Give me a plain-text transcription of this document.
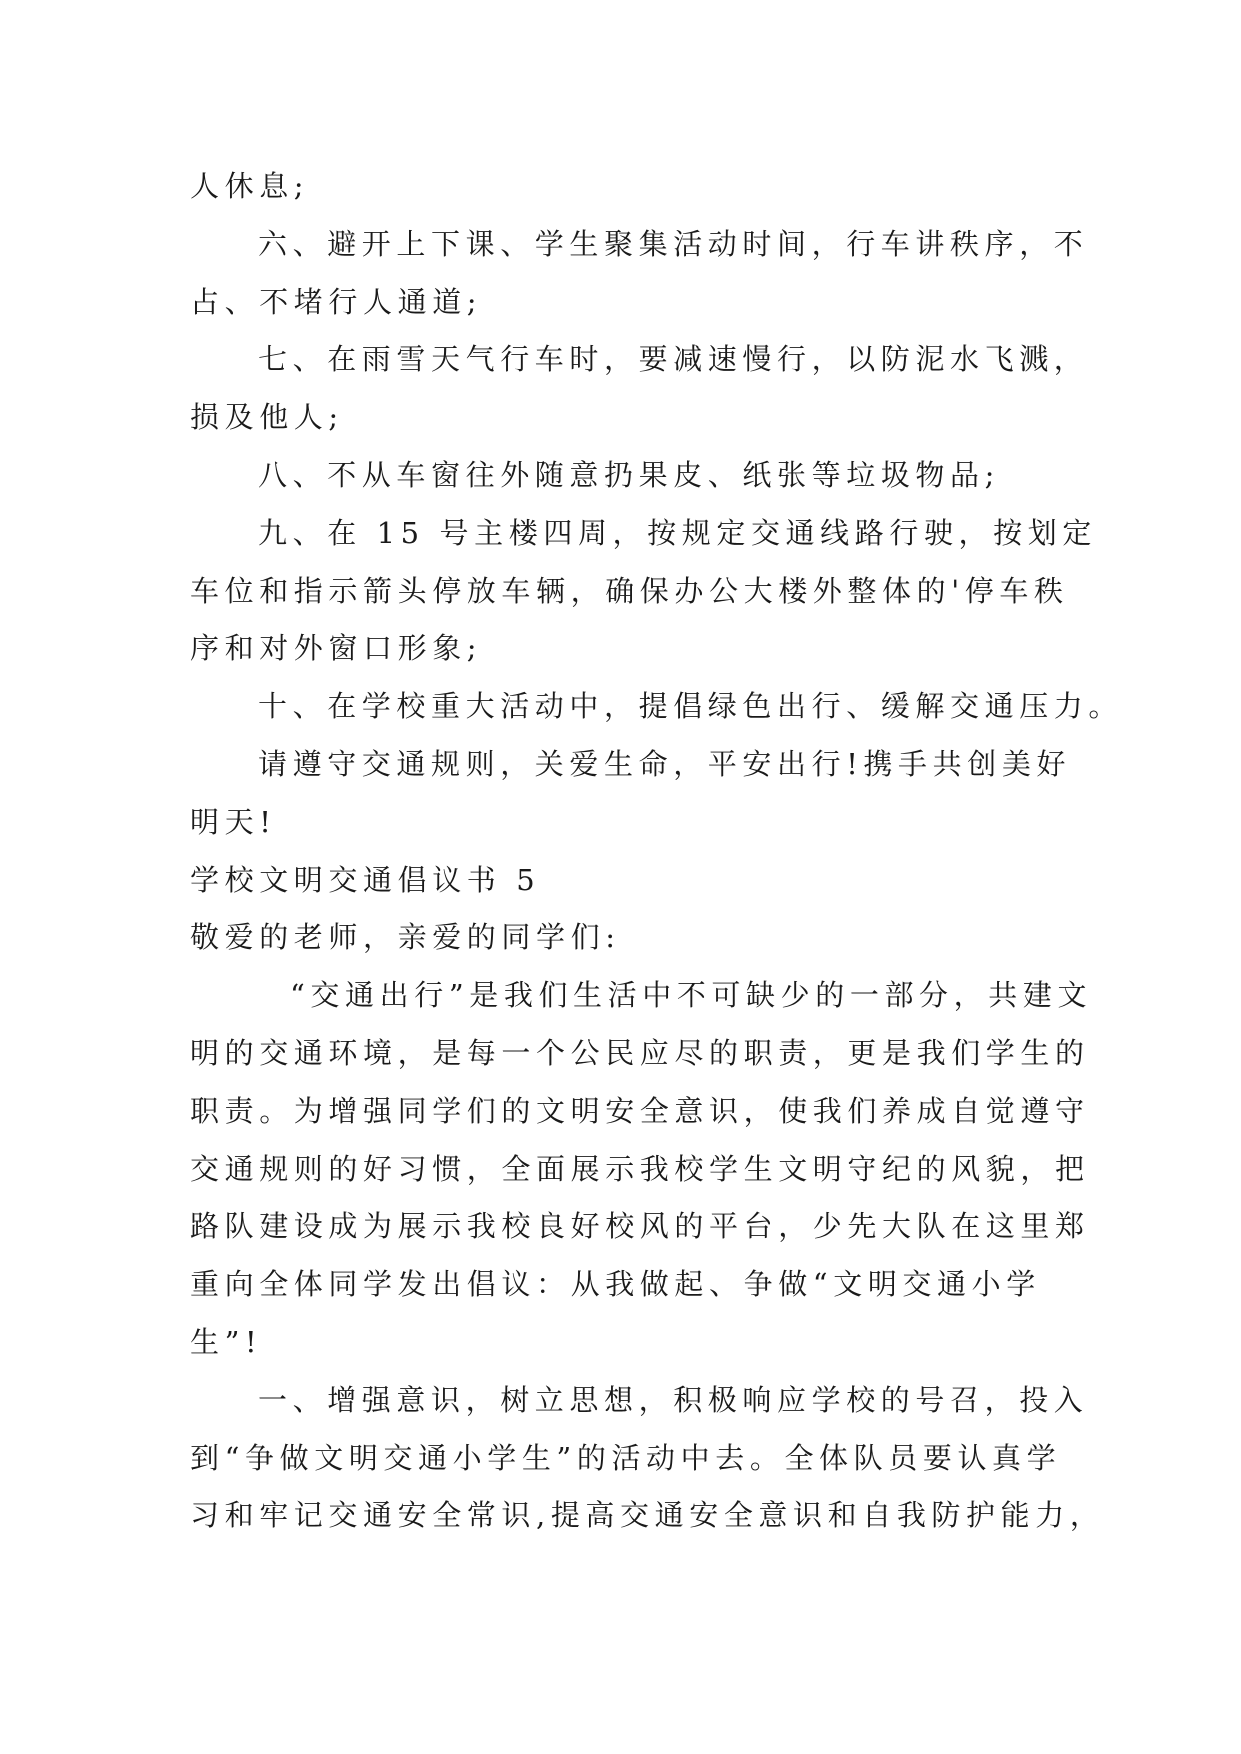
人休息;
六、避开上下课、学生聚集活动时间，行车讲秩序，不
占、不堵行人通道;
七、在雨雪天气行车时，要减速慢行，以防泥水飞溅，
损及他人;
八、不从车窗往外随意扔果皮、纸张等垃圾物品;
九、在 15 号主楼四周，按规定交通线路行驶，按划定
车位和指示箭头停放车辆，确保办公大楼外整体的'停车秩
序和对外窗口形象;
十、在学校重大活动中，提倡绿色出行、缓解交通压力。
请遵守交通规则，关爱生命，平安出行!携手共创美好
明天!
学校文明交通倡议书 5
敬爱的老师，亲爱的同学们:
“交通出行”是我们生活中不可缺少的一部分，共建文
明的交通环境，是每一个公民应尽的职责，更是我们学生的
职责。为增强同学们的文明安全意识，使我们养成自觉遵守
交通规则的好习惯，全面展示我校学生文明守纪的风貌，把
路队建设成为展示我校良好校风的平台，少先大队在这里郑
重向全体同学发出倡议：从我做起、争做“文明交通小学
生”!
一、增强意识，树立思想，积极响应学校的号召，投入
到“争做文明交通小学生”的活动中去。全体队员要认真学
习和牢记交通安全常识,提高交通安全意识和自我防护能力，
